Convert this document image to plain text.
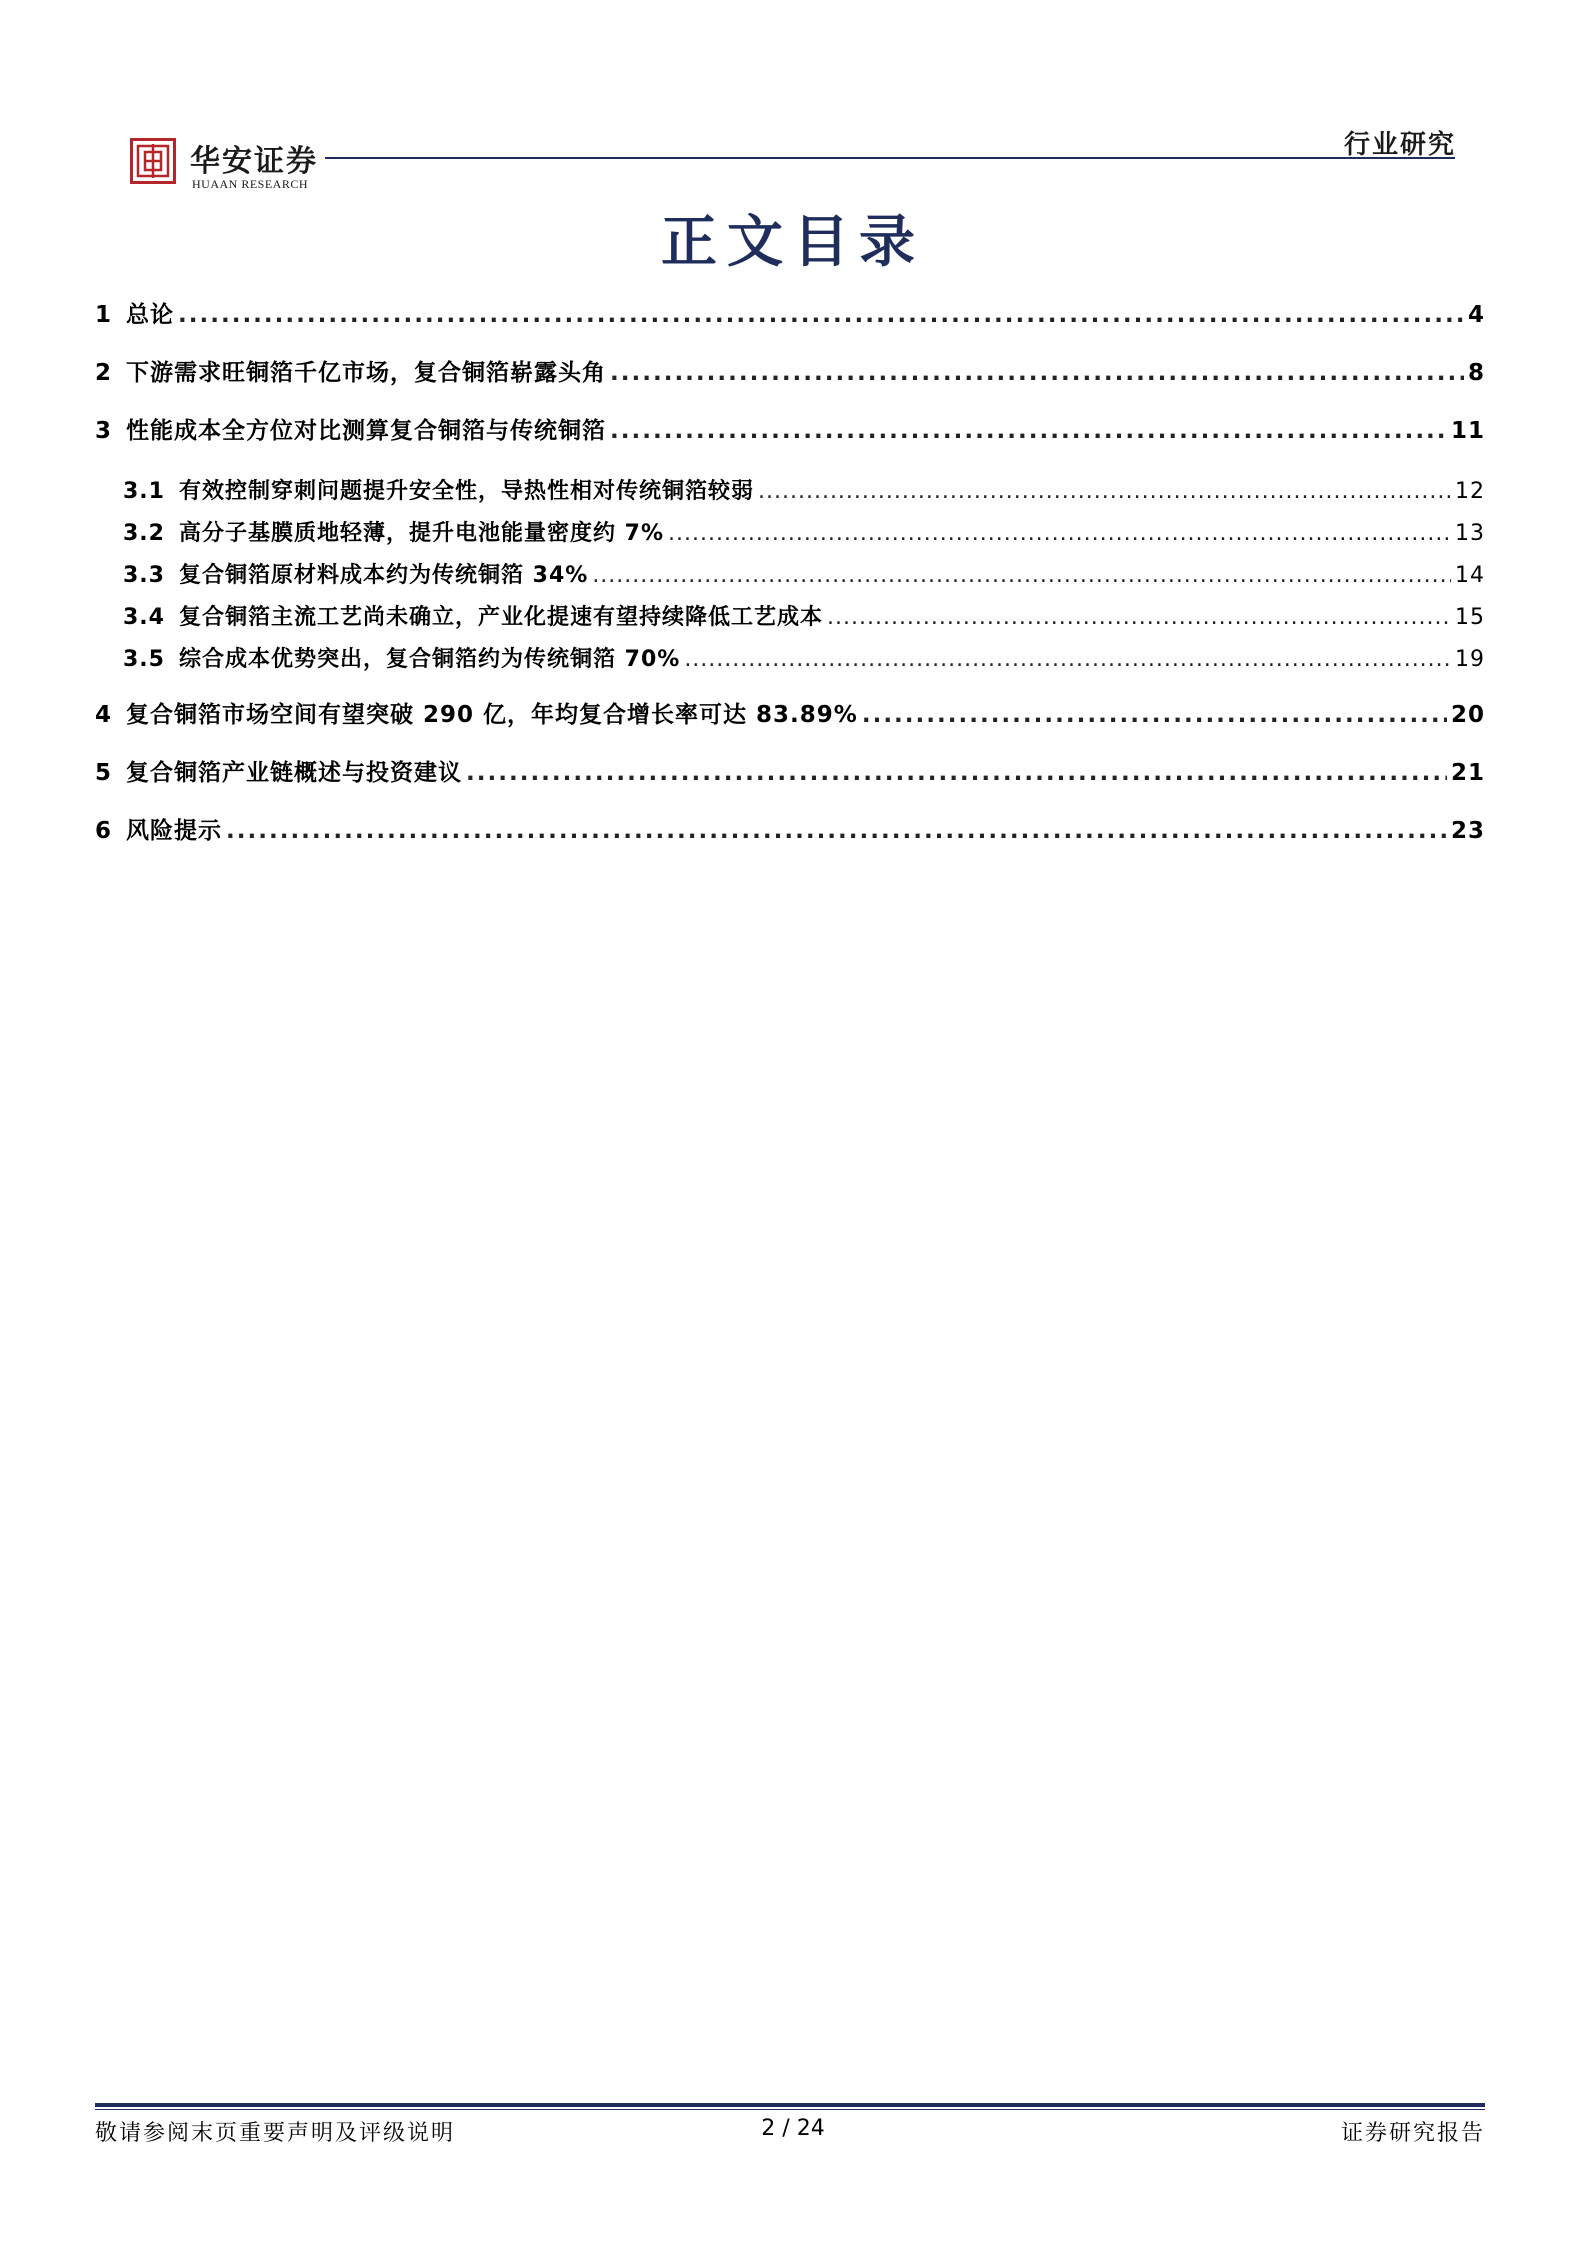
华安证券
HUAAN RESEARCH
行业研究
正文目录
1 总论 .....	4
2 下游需求旺铜箔千亿市场，复合铜箔崭露头角 .....	8
3 性能成本全方位对比测算复合铜箔与传统铜箔 .....	11
3.1 有效控制穿刺问题提升安全性，导热性相对传统铜箔较弱 .....	12
3.2 高分子基膜质地轻薄，提升电池能量密度约 7% .....	13
3.3 复合铜箔原材料成本约为传统铜箔 34% .....	14
3.4 复合铜箔主流工艺尚未确立，产业化提速有望持续降低工艺成本 .....	15
3.5 综合成本优势突出，复合铜箔约为传统铜箔 70% .....	19
4 复合铜箔市场空间有望突破 290 亿，年均复合增长率可达 83.89% .....	20
5 复合铜箔产业链概述与投资建议 .....	21
6 风险提示 .....	23
敬请参阅末页重要声明及评级说明	2 / 24	证券研究报告
